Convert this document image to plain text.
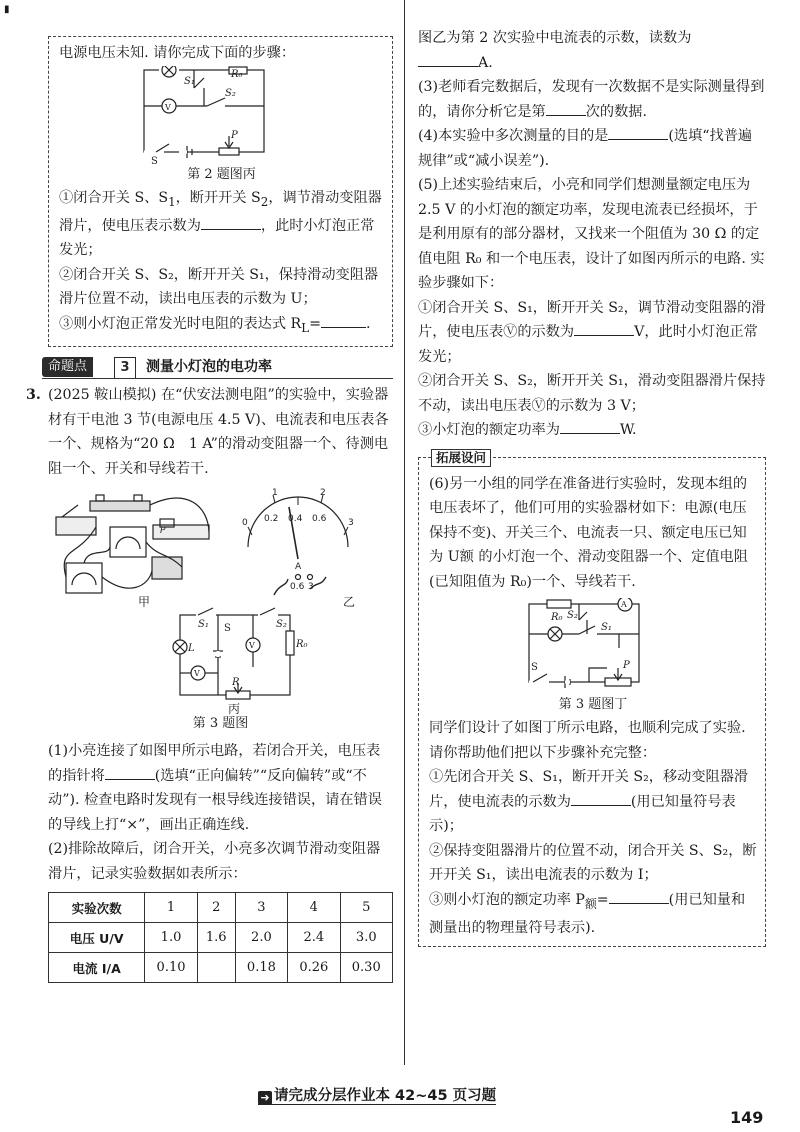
▮

电源电压未知. 请你完成下面的步骤：

V
R₀
S₁
S₂
P
S
第 2 题图丙

①闭合开关 S、$S_1$，断开开关 $S_2$，调节滑动变阻器滑片，使电压表示数为	，此时小灯泡正常发光；

②闭合开关 S、S₂，断开开关 S₁，保持滑动变阻器滑片位置不动，读出电压表的示数为 U；

③则小灯泡正常发光时电阻的表达式 $R_L=$	.

命题点	3	测量小灯泡的电功率

3. (2025 鞍山模拟) 在“伏安法测电阻”的实验中，实验器材有干电池 3 节(电源电压 4.5 V)、电流表和电压表各一个、规格为“20 Ω　1 A”的滑动变阻器一个、待测电阻一个、开关和导线若干.

0
1	2
3
0.2 0.4 0.6
A
0.6 3
P
甲	乙
S₁ S	S₂
L	V
V
R₀
R
丙
第 3 题图

(1)小亮连接了如图甲所示电路，若闭合开关，电压表的指针将	(选填“正向偏转”“反向偏转”或“不动”). 检查电路时发现有一根导线连接错误，请在错误的导线上打“×”，画出正确连线.

(2)排除故障后，闭合开关，小亮多次调节滑动变阻器滑片，记录实验数据如表所示：

实验次数	1	2	3	4	5
电压 U/V	1.0	1.6	2.0	2.4	3.0
电流 I/A	0.10		0.18	0.26	0.30

图乙为第 2 次实验中电流表的示数，读数为
A.

(3)老师看完数据后，发现有一次数据不是实际测量得到的，请你分析它是第	次的数据.

(4)本实验中多次测量的目的是	(选填“找普遍规律”或“减小误差”).

(5)上述实验结束后，小亮和同学们想测量额定电压为 2.5 V 的小灯泡的额定功率，发现电流表已经损坏，于是利用原有的部分器材，又找来一个阻值为 30 Ω 的定值电阻 R₀ 和一个电压表，设计了如图丙所示的电路. 实验步骤如下：

①闭合开关 S、S₁，断开开关 S₂，调节滑动变阻器的滑片，使电压表Ⓥ的示数为	V，此时小灯泡正常发光；

②闭合开关 S、S₂，断开开关 S₁，滑动变阻器滑片保持不动，读出电压表Ⓥ的示数为 3 V；

③小灯泡的额定功率为	W.

拓展设问

(6)另一小组的同学在准备进行实验时，发现本组的电压表坏了，他们可用的实验器材如下：电源(电压保持不变)、开关三个、电流表一只、额定电压已知为 U额 的小灯泡一个、滑动变阻器一个、定值电阻(已知阻值为 R₀)一个、导线若干.

R₀
A
S₂
S₁
S	P
第 3 题图丁

同学们设计了如图丁所示电路，也顺利完成了实验. 请你帮助他们把以下步骤补充完整：

①先闭合开关 S、S₁，断开开关 S₂，移动变阻器滑片，使电流表的示数为	(用已知量符号表示)；

②保持变阻器滑片的位置不动，闭合开关 S、S₂，断开开关 S₁，读出电流表的示数为 I；

③则小灯泡的额定功率 $P_额=$	(用已知量和测量出的物理量符号表示).

➜ 请完成分层作业本 42~45 页习题
149
